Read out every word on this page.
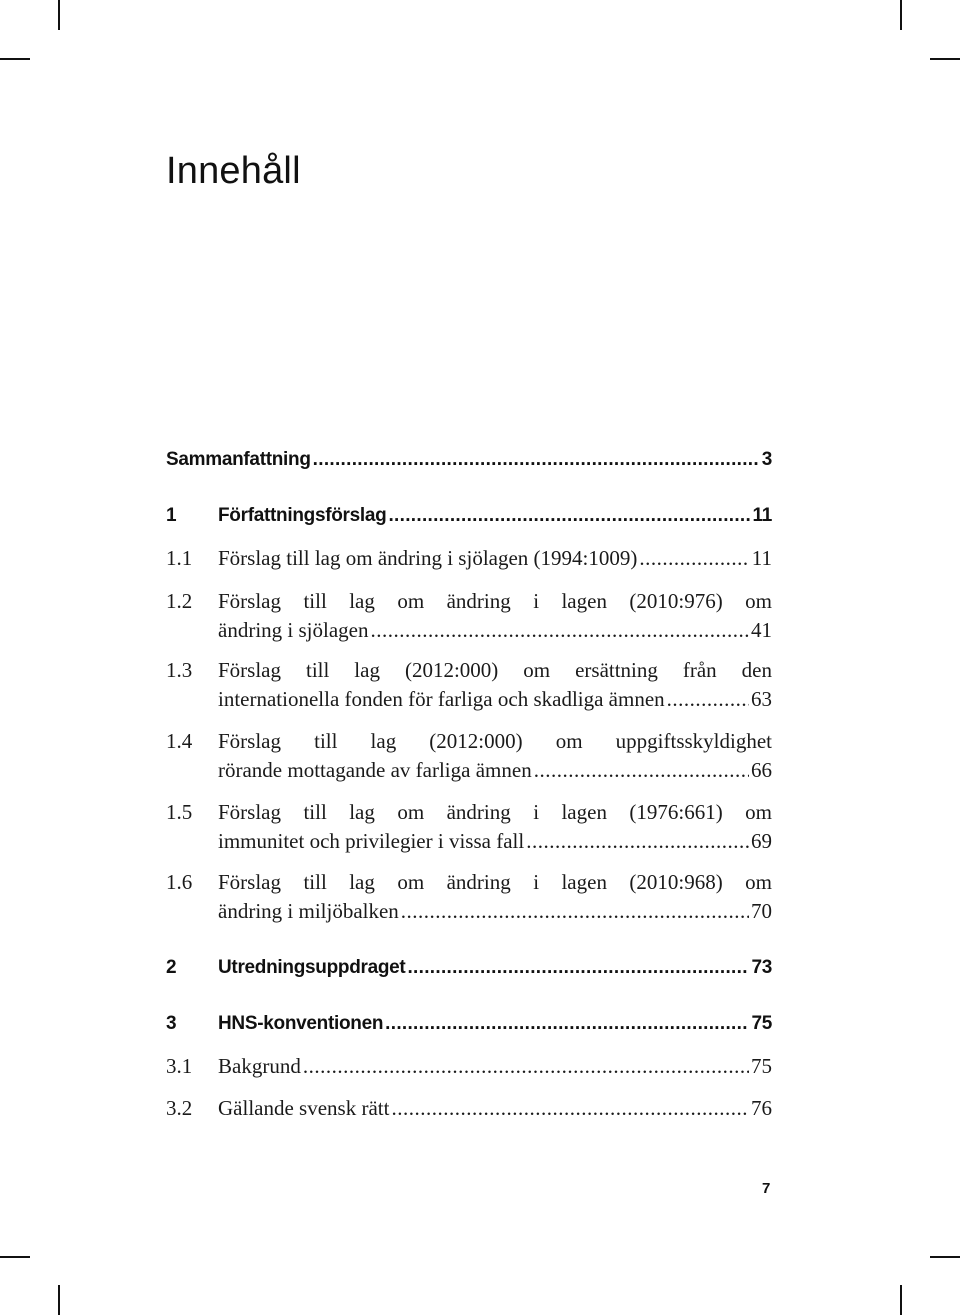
Innehåll
Sammanfattning .....	3
1 Författningsförslag .....	11
1.1 Förslag till lag om ändring i sjölagen (1994:1009) .....	11
1.2 Förslag till lag om ändring i lagen (2010:976) om
ändring i sjölagen .....	41
1.3 Förslag till lag (2012:000) om ersättning från den
internationella fonden för farliga och skadliga ämnen .....	63
1.4 Förslag till lag (2012:000) om uppgiftsskyldighet
rörande mottagande av farliga ämnen .....	66
1.5 Förslag till lag om ändring i lagen (1976:661) om
immunitet och privilegier i vissa fall .....	69
1.6 Förslag till lag om ändring i lagen (2010:968) om
ändring i miljöbalken .....	70
2 Utredningsuppdraget .....	73
3 HNS-konventionen .....	75
3.1 Bakgrund .....	75
3.2 Gällande svensk rätt .....	76
7
